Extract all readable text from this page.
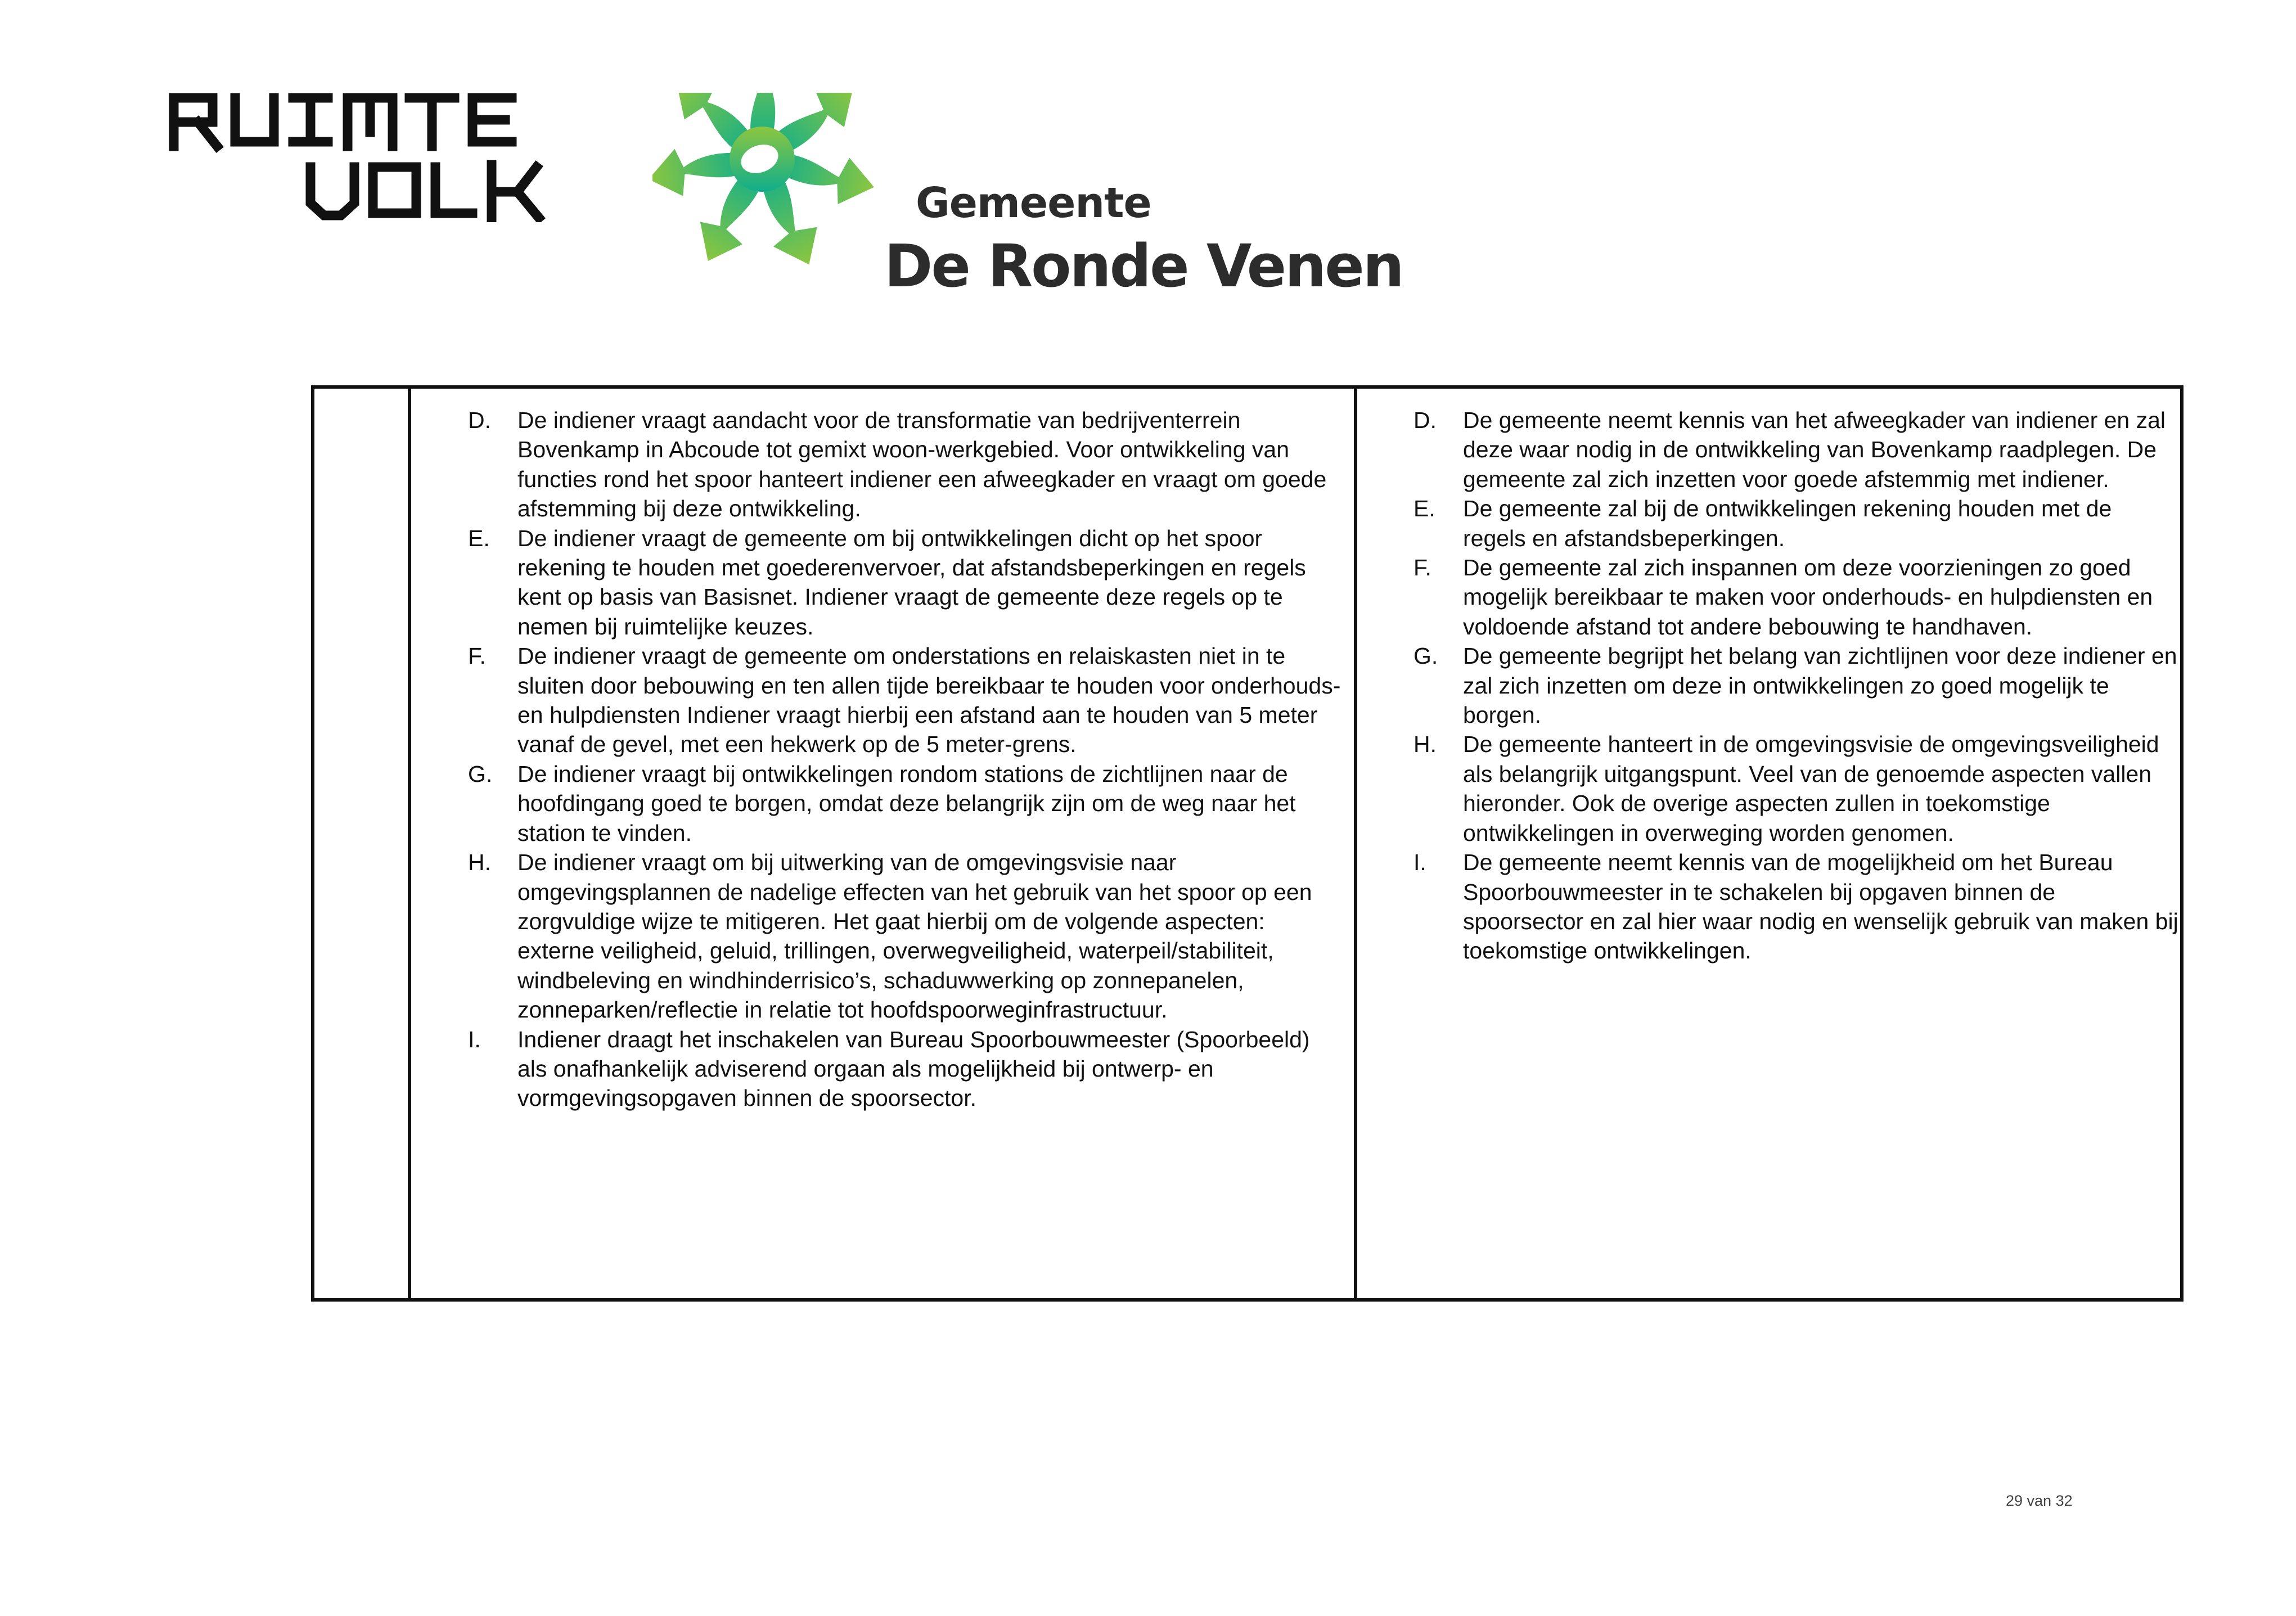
Gemeente
De Ronde Venen
D.	De indiener vraagt aandacht voor de transformatie van bedrijventerrein Bovenkamp in Abcoude tot gemixt woon-werkgebied. Voor ontwikkeling van functies rond het spoor hanteert indiener een afweegkader en vraagt om goede afstemming bij deze ontwikkeling.
E.	De indiener vraagt de gemeente om bij ontwikkelingen dicht op het spoor rekening te houden met goederenvervoer, dat afstandsbeperkingen en regels kent op basis van Basisnet. Indiener vraagt de gemeente deze regels op te nemen bij ruimtelijke keuzes.
F.	De indiener vraagt de gemeente om onderstations en relaiskasten niet in te sluiten door bebouwing en ten allen tijde bereikbaar te houden voor onderhouds-en hulpdiensten Indiener vraagt hierbij een afstand aan te houden van 5 meter vanaf de gevel, met een hekwerk op de 5 meter-grens.
G.	De indiener vraagt bij ontwikkelingen rondom stations de zichtlijnen naar de hoofdingang goed te borgen, omdat deze belangrijk zijn om de weg naar het station te vinden.
H.	De indiener vraagt om bij uitwerking van de omgevingsvisie naar omgevingsplannen de nadelige effecten van het gebruik van het spoor op een zorgvuldige wijze te mitigeren. Het gaat hierbij om de volgende aspecten: externe veiligheid, geluid, trillingen, overwegveiligheid, waterpeil/stabiliteit, windbeleving en windhinderrisico’s, schaduwwerking op zonnepanelen, zonneparken/reflectie in relatie tot hoofdspoorweginfrastructuur.
I.	Indiener draagt het inschakelen van Bureau Spoorbouwmeester (Spoorbeeld) als onafhankelijk adviserend orgaan als mogelijkheid bij ontwerp- en vormgevingsopgaven binnen de spoorsector.
D.	De gemeente neemt kennis van het afweegkader van indiener en zal deze waar nodig in de ontwikkeling van Bovenkamp raadplegen. De gemeente zal zich inzetten voor goede afstemmig met indiener.
E.	De gemeente zal bij de ontwikkelingen rekening houden met de regels en afstandsbeperkingen.
F.	De gemeente zal zich inspannen om deze voorzieningen zo goed mogelijk bereikbaar te maken voor onderhouds- en hulpdiensten en voldoende afstand tot andere bebouwing te handhaven.
G.	De gemeente begrijpt het belang van zichtlijnen voor deze indiener en zal zich inzetten om deze in ontwikkelingen zo goed mogelijk te borgen.
H.	De gemeente hanteert in de omgevingsvisie de omgevingsveiligheid als belangrijk uitgangspunt. Veel van de genoemde aspecten vallen hieronder. Ook de overige aspecten zullen in toekomstige ontwikkelingen in overweging worden genomen.
I.	De gemeente neemt kennis van de mogelijkheid om het Bureau Spoorbouwmeester in te schakelen bij opgaven binnen de spoorsector en zal hier waar nodig en wenselijk gebruik van maken bij toekomstige ontwikkelingen.
29 van 32
